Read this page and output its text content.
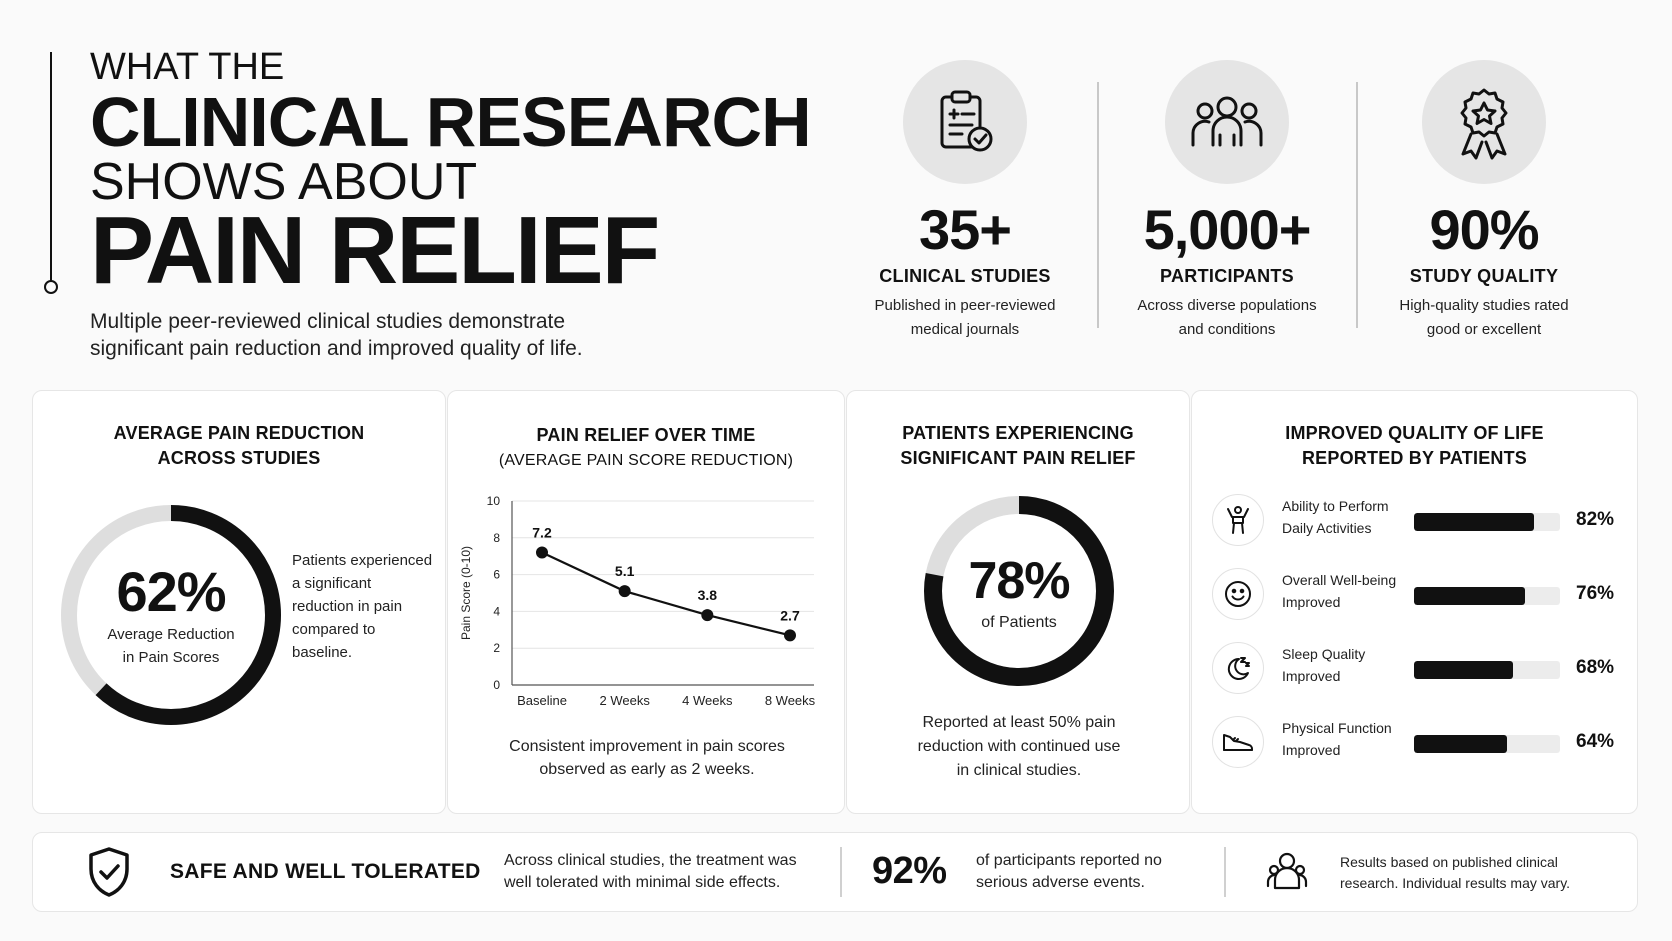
WHAT THE
CLINICAL RESEARCH
SHOWS ABOUT
PAIN RELIEF
Multiple peer-reviewed clinical studies demonstrate
significant pain reduction and improved quality of life.
35+
CLINICAL STUDIES
Published in peer-reviewed
medical journals
5,000+
PARTICIPANTS
Across diverse populations
and conditions
90%
STUDY QUALITY
High-quality studies rated
good or excellent
AVERAGE PAIN REDUCTION
ACROSS STUDIES
62%
Average Reduction
in Pain Scores
Patients experienced
a significant
reduction in pain
compared to
baseline.
PAIN RELIEF OVER TIME
(AVERAGE PAIN SCORE REDUCTION)
0
2
4
6
8
10
Pain Score (0-10)
7.2
Baseline
5.1
2 Weeks
3.8
4 Weeks
2.7
8 Weeks
Consistent improvement in pain scores
observed as early as 2 weeks.
PATIENTS EXPERIENCING
SIGNIFICANT PAIN RELIEF
78%
of Patients
Reported at least 50% pain
reduction with continued use
in clinical studies.
IMPROVED QUALITY OF LIFE
REPORTED BY PATIENTS
Ability to Perform
Daily Activities	82%
Overall Well-being
Improved	76%
Sleep Quality
Improved	68%
Physical Function
Improved	64%
SAFE AND WELL TOLERATED Across clinical studies, the treatment was
well tolerated with minimal side effects.	92% of participants reported no
serious adverse events.
Results based on published clinical
research. Individual results may vary.
